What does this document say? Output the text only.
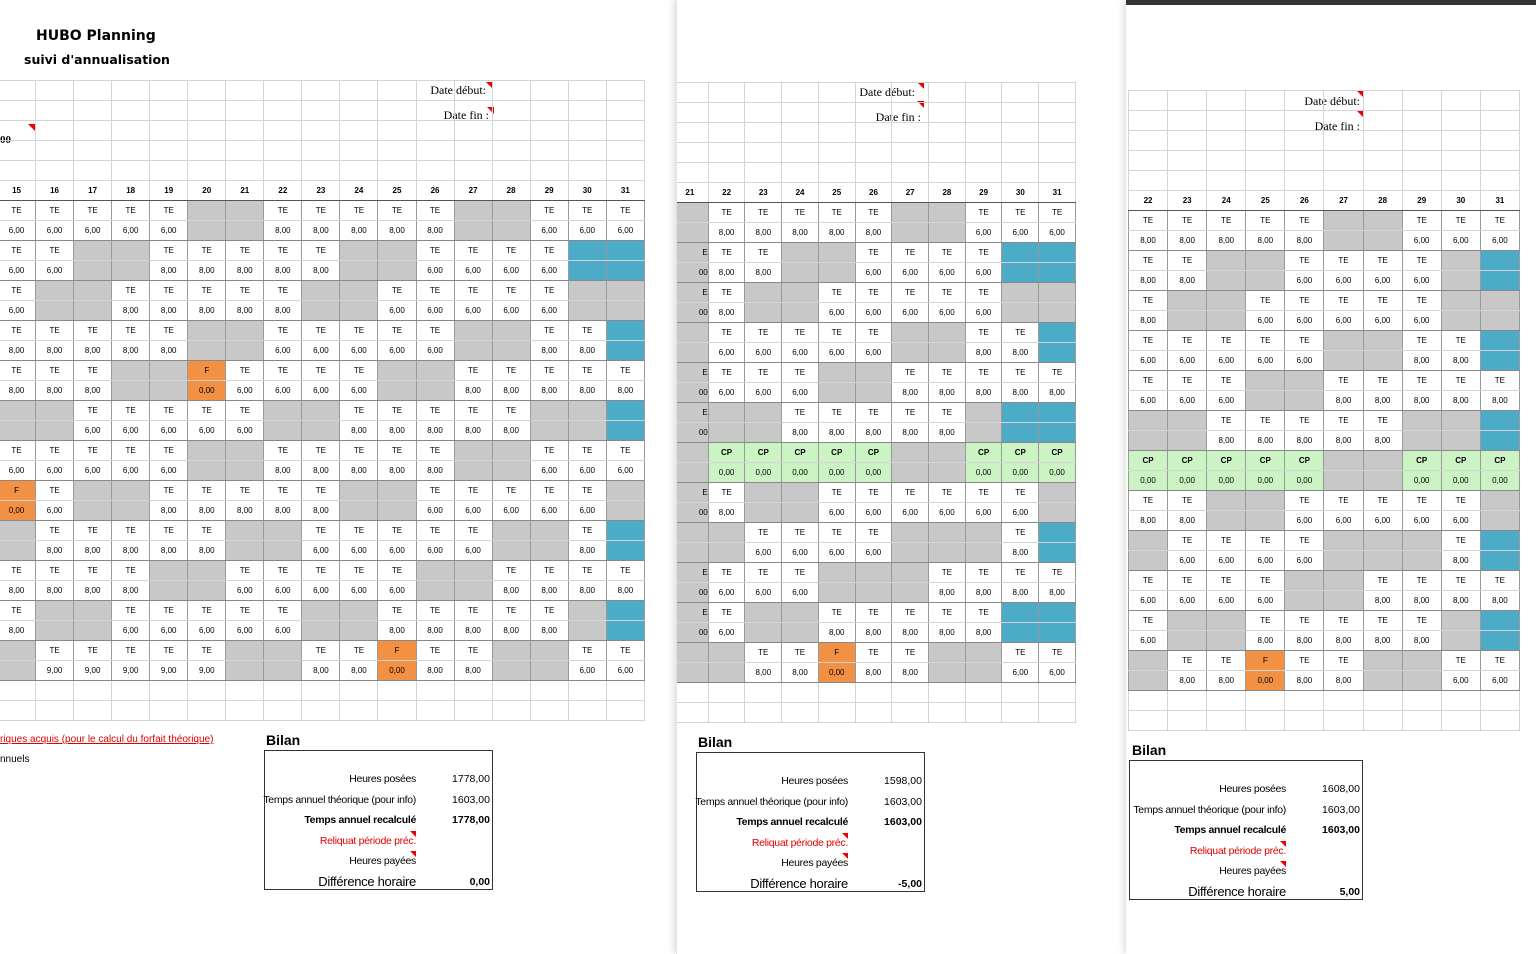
HUBO Planning
suivi d'annualisation
Date début:
Date fin :
00

15	16	17	18	19	20	21	22	23	24	25	26	27	28	29	30	31
TE	TE	TE	TE	TE			TE	TE	TE	TE	TE			TE	TE	TE
6,00	6,00	6,00	6,00	6,00			8,00	8,00	8,00	8,00	8,00			6,00	6,00	6,00
TE	TE			TE	TE	TE	TE	TE			TE	TE	TE	TE		
6,00	6,00			8,00	8,00	8,00	8,00	8,00			6,00	6,00	6,00	6,00		
TE			TE	TE	TE	TE	TE			TE	TE	TE	TE	TE		
6,00			8,00	8,00	8,00	8,00	8,00			6,00	6,00	6,00	6,00	6,00		
TE	TE	TE	TE	TE			TE	TE	TE	TE	TE			TE	TE	
8,00	8,00	8,00	8,00	8,00			6,00	6,00	6,00	6,00	6,00			8,00	8,00	
TE	TE	TE			F	TE	TE	TE	TE			TE	TE	TE	TE	TE
8,00	8,00	8,00			0,00	6,00	6,00	6,00	6,00			8,00	8,00	8,00	8,00	8,00
		TE	TE	TE	TE	TE			TE	TE	TE	TE	TE			
		6,00	6,00	6,00	6,00	6,00			8,00	8,00	8,00	8,00	8,00			
TE	TE	TE	TE	TE			TE	TE	TE	TE	TE			TE	TE	TE
6,00	6,00	6,00	6,00	6,00			8,00	8,00	8,00	8,00	8,00			6,00	6,00	6,00
F	TE			TE	TE	TE	TE	TE			TE	TE	TE	TE	TE	
0,00	6,00			8,00	8,00	8,00	8,00	8,00			6,00	6,00	6,00	6,00	6,00	
	TE	TE	TE	TE	TE			TE	TE	TE	TE	TE			TE	
	8,00	8,00	8,00	8,00	8,00			6,00	6,00	6,00	6,00	6,00			8,00	
TE	TE	TE	TE			TE	TE	TE	TE	TE			TE	TE	TE	TE
8,00	8,00	8,00	8,00			6,00	6,00	6,00	6,00	6,00			8,00	8,00	8,00	8,00
TE			TE	TE	TE	TE	TE			TE	TE	TE	TE	TE		
8,00			6,00	6,00	6,00	6,00	6,00			8,00	8,00	8,00	8,00	8,00		
	TE	TE	TE	TE	TE			TE	TE	F	TE	TE			TE	TE
	9,00	9,00	9,00	9,00	9,00			8,00	8,00	0,00	8,00	8,00			6,00	6,00

riques acquis (pour le calcul du forfait théorique)
nnuels
Bilan
Heures posées	1778,00
Temps annuel théorique (pour info)	1603,00
Temps annuel recalculé	1778,00
Reliquat période préc.
Heures payées
Différence horaire	0,00
Date début:
Date fin :

21	22	23	24	25	26	27	28	29	30	31
	TE	TE	TE	TE	TE			TE	TE	TE
	8,00	8,00	8,00	8,00	8,00			6,00	6,00	6,00
E	TE	TE			TE	TE	TE	TE		
00	8,00	8,00			6,00	6,00	6,00	6,00		
E	TE			TE	TE	TE	TE	TE		
00	8,00			6,00	6,00	6,00	6,00	6,00		
	TE	TE	TE	TE	TE			TE	TE	
	6,00	6,00	6,00	6,00	6,00			8,00	8,00	
E	TE	TE	TE			TE	TE	TE	TE	TE
00	6,00	6,00	6,00			8,00	8,00	8,00	8,00	8,00
E			TE	TE	TE	TE	TE			
00			8,00	8,00	8,00	8,00	8,00			
	CP	CP	CP	CP	CP			CP	CP	CP
	0,00	0,00	0,00	0,00	0,00			0,00	0,00	0,00
E	TE			TE	TE	TE	TE	TE	TE	
00	8,00			6,00	6,00	6,00	6,00	6,00	6,00	
		TE	TE	TE	TE				TE	
		6,00	6,00	6,00	6,00				8,00	
E	TE	TE	TE				TE	TE	TE	TE
00	6,00	6,00	6,00				8,00	8,00	8,00	8,00
E	TE			TE	TE	TE	TE	TE		
00	6,00			8,00	8,00	8,00	8,00	8,00		
		TE	TE	F	TE	TE			TE	TE
		8,00	8,00	0,00	8,00	8,00			6,00	6,00

Bilan
Heures posées	1598,00
Temps annuel théorique (pour info)	1603,00
Temps annuel recalculé	1603,00
Reliquat période préc.
Heures payées
Différence horaire	-5,00
Date début:
Date fin :

22	23	24	25	26	27	28	29	30	31
TE	TE	TE	TE	TE			TE	TE	TE
8,00	8,00	8,00	8,00	8,00			6,00	6,00	6,00
TE	TE			TE	TE	TE	TE		
8,00	8,00			6,00	6,00	6,00	6,00		
TE			TE	TE	TE	TE	TE		
8,00			6,00	6,00	6,00	6,00	6,00		
TE	TE	TE	TE	TE			TE	TE	
6,00	6,00	6,00	6,00	6,00			8,00	8,00	
TE	TE	TE			TE	TE	TE	TE	TE
6,00	6,00	6,00			8,00	8,00	8,00	8,00	8,00
		TE	TE	TE	TE	TE			
		8,00	8,00	8,00	8,00	8,00			
CP	CP	CP	CP	CP			CP	CP	CP
0,00	0,00	0,00	0,00	0,00			0,00	0,00	0,00
TE	TE			TE	TE	TE	TE	TE	
8,00	8,00			6,00	6,00	6,00	6,00	6,00	
	TE	TE	TE	TE				TE	
	6,00	6,00	6,00	6,00				8,00	
TE	TE	TE	TE			TE	TE	TE	TE
6,00	6,00	6,00	6,00			8,00	8,00	8,00	8,00
TE			TE	TE	TE	TE	TE		
6,00			8,00	8,00	8,00	8,00	8,00		
	TE	TE	F	TE	TE			TE	TE
	8,00	8,00	0,00	8,00	8,00			6,00	6,00

Bilan
Heures posées	1608,00
Temps annuel théorique (pour info)	1603,00
Temps annuel recalculé	1603,00
Reliquat période préc.
Heures payées
Différence horaire	5,00
